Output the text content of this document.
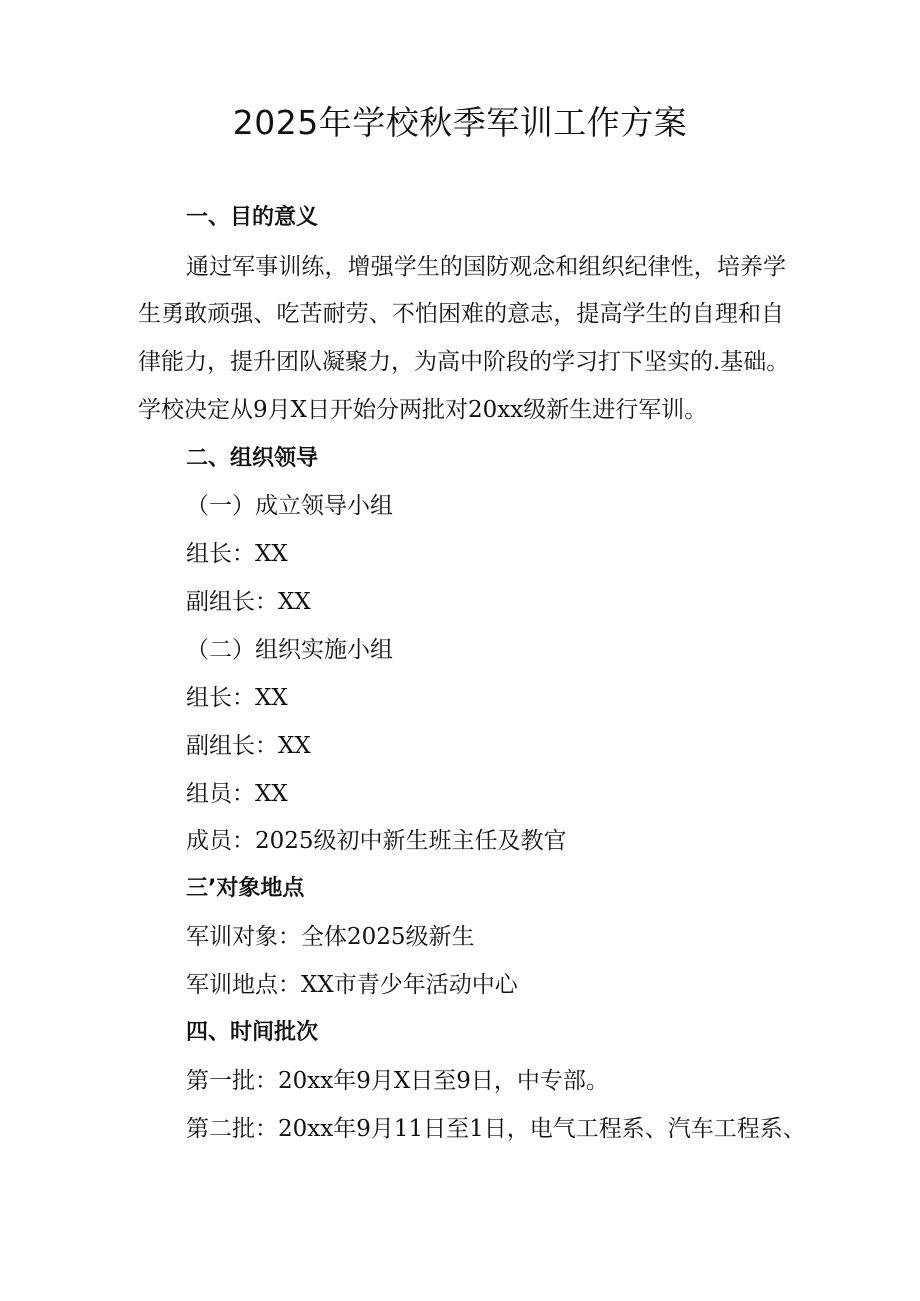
2025年学校秋季军训工作方案
一、目的意义
通过军事训练，增强学生的国防观念和组织纪律性，培养学
生勇敢顽强、吃苦耐劳、不怕困难的意志，提高学生的自理和自
律能力，提升团队凝聚力，为高中阶段的学习打下坚实的.基础。
学校决定从9月X日开始分两批对20xx级新生进行军训。
二、组织领导
（一）成立领导小组
组长：XX
副组长：XX
（二）组织实施小组
组长：XX
副组长：XX
组员：XX
成员：2025级初中新生班主任及教官
三’对象地点
军训对象：全体2025级新生
军训地点：XX市青少年活动中心
四、时间批次
第一批：20xx年9月X日至9日，中专部。
第二批：20xx年9月11日至1日，电气工程系、汽车工程系、
